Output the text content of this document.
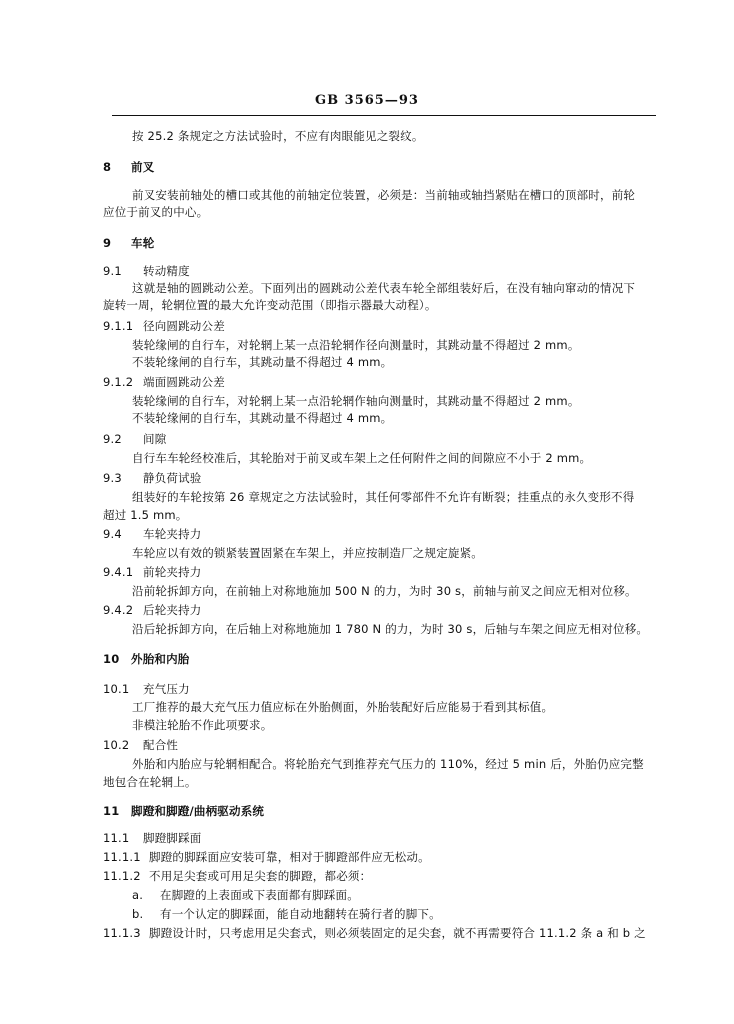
GB 3565—93
按 25.2 条规定之方法试验时，不应有肉眼能见之裂纹。
8 前叉
前叉安装前轴处的槽口或其他的前轴定位装置，必须是：当前轴或轴挡紧贴在槽口的顶部时，前轮
应位于前叉的中心。
9 车轮
9.1 转动精度
这就是轴的圆跳动公差。下面列出的圆跳动公差代表车轮全部组装好后，在没有轴向窜动的情况下
旋转一周，轮辋位置的最大允许变动范围（即指示器最大动程）。
9.1.1 径向圆跳动公差
装轮缘闸的自行车，对轮辋上某一点沿轮辋作径向测量时，其跳动量不得超过 2 mm。
不装轮缘闸的自行车，其跳动量不得超过 4 mm。
9.1.2 端面圆跳动公差
装轮缘闸的自行车，对轮辋上某一点沿轮辋作轴向测量时，其跳动量不得超过 2 mm。
不装轮缘闸的自行车，其跳动量不得超过 4 mm。
9.2 间隙
自行车车轮经校准后，其轮胎对于前叉或车架上之任何附件之间的间隙应不小于 2 mm。
9.3 静负荷试验
组装好的车轮按第 26 章规定之方法试验时，其任何零部件不允许有断裂；挂重点的永久变形不得
超过 1.5 mm。
9.4 车轮夹持力
车轮应以有效的锁紧装置固紧在车架上，并应按制造厂之规定旋紧。
9.4.1 前轮夹持力
沿前轮拆卸方向，在前轴上对称地施加 500 N 的力，为时 30 s，前轴与前叉之间应无相对位移。
9.4.2 后轮夹持力
沿后轮拆卸方向，在后轴上对称地施加 1 780 N 的力，为时 30 s，后轴与车架之间应无相对位移。
10 外胎和内胎
10.1 充气压力
工厂推荐的最大充气压力值应标在外胎侧面，外胎装配好后应能易于看到其标值。
非模注轮胎不作此项要求。
10.2 配合性
外胎和内胎应与轮辋相配合。将轮胎充气到推荐充气压力的 110%，经过 5 min 后，外胎仍应完整
地包合在轮辋上。
11 脚蹬和脚蹬/曲柄驱动系统
11.1 脚蹬脚踩面
11.1.1 脚蹬的脚踩面应安装可靠，相对于脚蹬部件应无松动。
11.1.2 不用足尖套或可用足尖套的脚蹬，都必须：
a. 在脚蹬的上表面或下表面都有脚踩面。
b. 有一个认定的脚踩面，能自动地翻转在骑行者的脚下。
11.1.3 脚蹬设计时，只考虑用足尖套式，则必须装固定的足尖套，就不再需要符合 11.1.2 条 a 和 b 之
